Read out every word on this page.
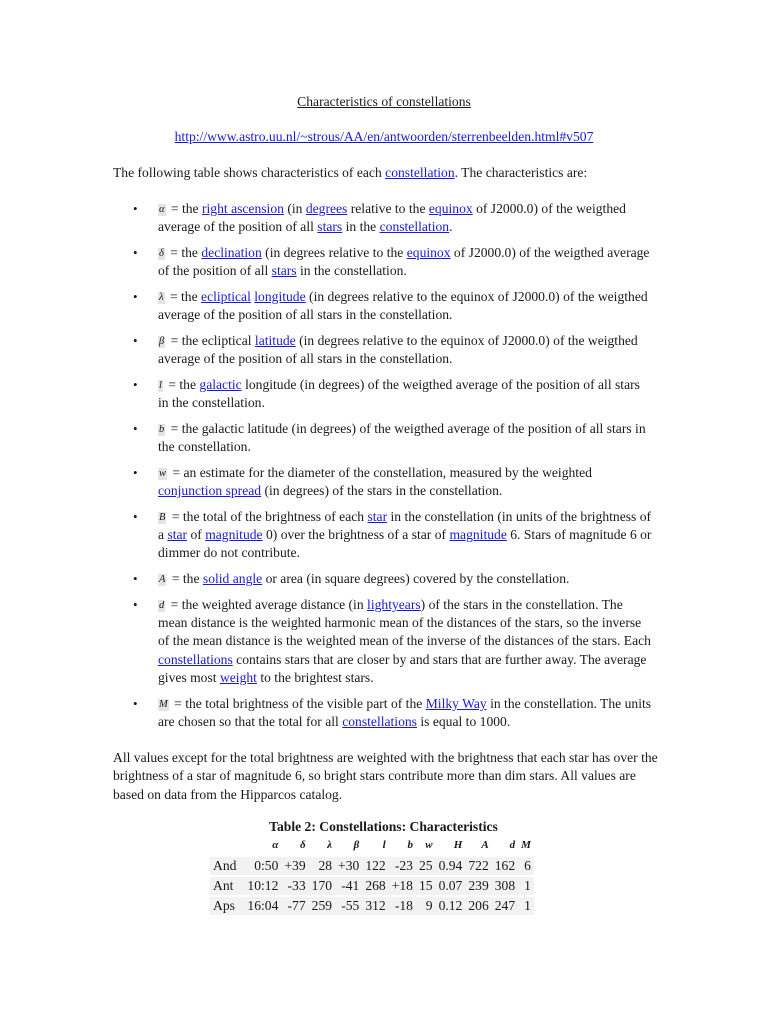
Characteristics of constellations
http://www.astro.uu.nl/~strous/AA/en/antwoorden/sterrenbeelden.html#v507
The following table shows characteristics of each constellation. The characteristics are:
• α = the right ascension (in degrees relative to the equinox of J2000.0) of the weigthed average of the position of all stars in the constellation.
• δ = the declination (in degrees relative to the equinox of J2000.0) of the weigthed average of the position of all stars in the constellation.
• λ = the ecliptical longitude (in degrees relative to the equinox of J2000.0) of the weigthed average of the position of all stars in the constellation.
• β = the ecliptical latitude (in degrees relative to the equinox of J2000.0) of the weigthed average of the position of all stars in the constellation.
• l = the galactic longitude (in degrees) of the weigthed average of the position of all stars in the constellation.
• b = the galactic latitude (in degrees) of the weigthed average of the position of all stars in the constellation.
• w = an estimate for the diameter of the constellation, measured by the weighted conjunction spread (in degrees) of the stars in the constellation.
• B = the total of the brightness of each star in the constellation (in units of the brightness of a star of magnitude 0) over the brightness of a star of magnitude 6. Stars of magnitude 6 or dimmer do not contribute.
• A = the solid angle or area (in square degrees) covered by the constellation.
• d = the weighted average distance (in lightyears) of the stars in the constellation. The mean distance is the weighted harmonic mean of the distances of the stars, so the inverse of the mean distance is the weighted mean of the inverse of the distances of the stars. Each constellations contains stars that are closer by and stars that are further away. The average gives most weight to the brightest stars.
• M = the total brightness of the visible part of the Milky Way in the constellation. The units are chosen so that the total for all constellations is equal to 1000.
All values except for the total brightness are weighted with the brightness that each star has over the brightness of a star of magnitude 6, so bright stars contribute more than dim stars. All values are based on data from the Hipparcos catalog.
Table 2: Constellations: Characteristics
	α	δ	λ	β	l	b	w	H	A	d	M
And	0:50	+39	28	+30	122	-23	25	0.94	722	162	6
Ant	10:12	-33	170	-41	268	+18	15	0.07	239	308	1
Aps	16:04	-77	259	-55	312	-18	9	0.12	206	247	1
